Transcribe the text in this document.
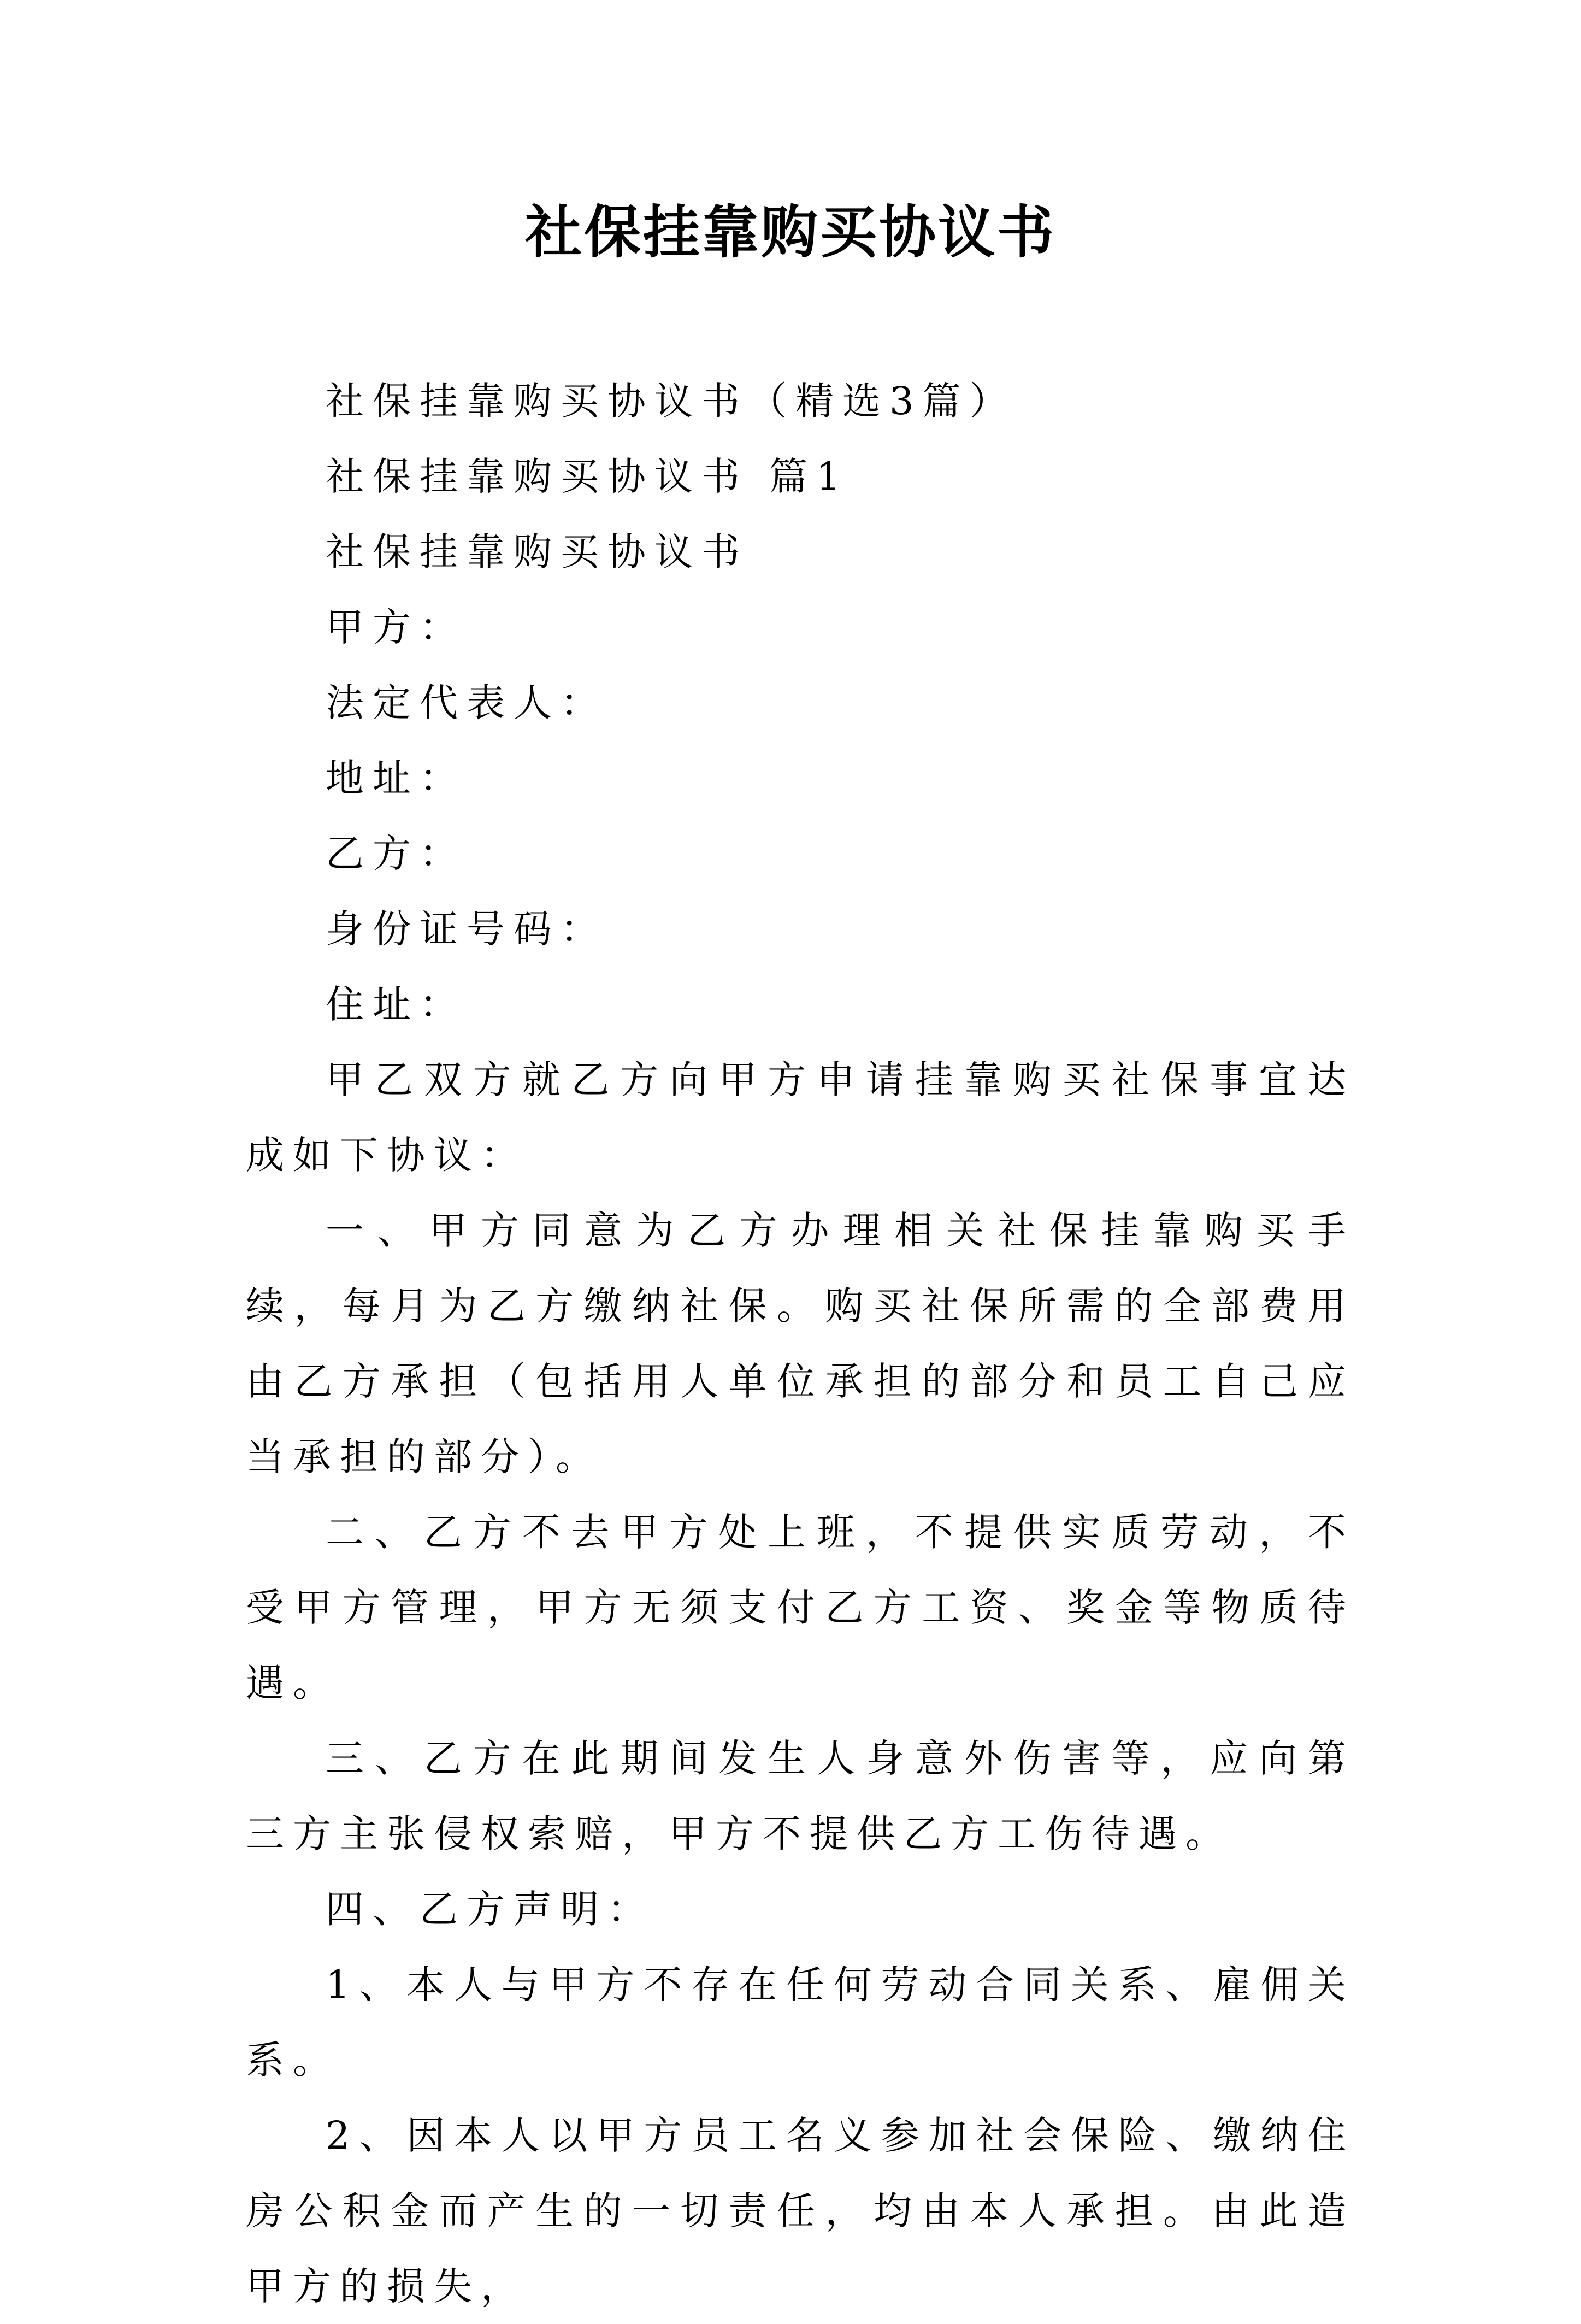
社保挂靠购买协议书

社保挂靠购买协议书（精选3篇）

社保挂靠购买协议书 篇1

社保挂靠购买协议书

甲方：

法定代表人：

地址：

乙方：

身份证号码：

住址：

甲乙双方就乙方向甲方申请挂靠购买社保事宜达成如下协议：

一、甲方同意为乙方办理相关社保挂靠购买手续，每月为乙方缴纳社保。购买社保所需的全部费用由乙方承担（包括用人单位承担的部分和员工自己应当承担的部分）。

二、乙方不去甲方处上班，不提供实质劳动，不受甲方管理，甲方无须支付乙方工资、奖金等物质待遇。

三、乙方在此期间发生人身意外伤害等，应向第三方主张侵权索赔，甲方不提供乙方工伤待遇。

四、乙方声明：

1、本人与甲方不存在任何劳动合同关系、雇佣关系。

2、因本人以甲方员工名义参加社会保险、缴纳住房公积金而产生的一切责任，均由本人承担。由此造甲方的损失，
